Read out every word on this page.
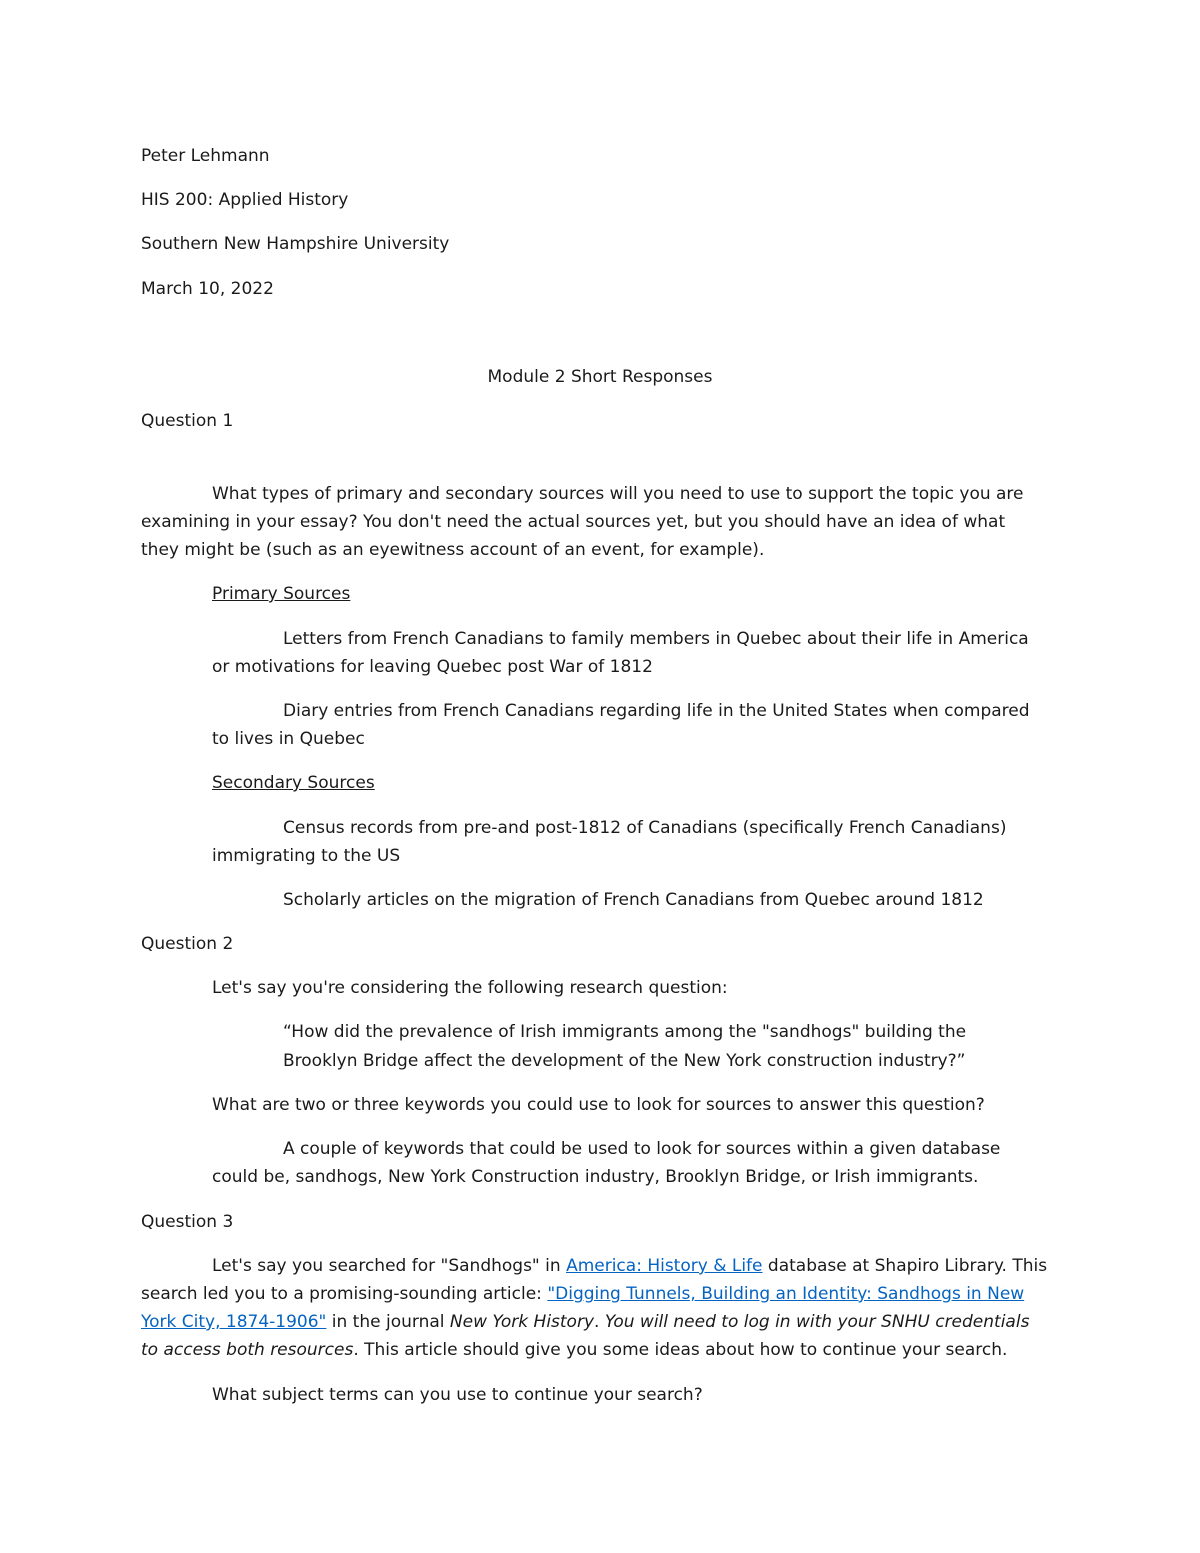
Peter Lehmann
HIS 200: Applied History
Southern New Hampshire University
March 10, 2022
Module 2 Short Responses
Question 1
What types of primary and secondary sources will you need to use to support the topic you are
examining in your essay? You don't need the actual sources yet, but you should have an idea of what
they might be (such as an eyewitness account of an event, for example).
Primary Sources
Letters from French Canadians to family members in Quebec about their life in America
or motivations for leaving Quebec post War of 1812
Diary entries from French Canadians regarding life in the United States when compared
to lives in Quebec
Secondary Sources
Census records from pre-and post-1812 of Canadians (specifically French Canadians)
immigrating to the US
Scholarly articles on the migration of French Canadians from Quebec around 1812
Question 2
Let's say you're considering the following research question:
“How did the prevalence of Irish immigrants among the "sandhogs" building the
Brooklyn Bridge affect the development of the New York construction industry?”
What are two or three keywords you could use to look for sources to answer this question?
A couple of keywords that could be used to look for sources within a given database
could be, sandhogs, New York Construction industry, Brooklyn Bridge, or Irish immigrants.
Question 3
Let's say you searched for "Sandhogs" in America: History & Life database at Shapiro Library. This
search led you to a promising-sounding article: "Digging Tunnels, Building an Identity: Sandhogs in New
York City, 1874-1906" in the journal New York History. You will need to log in with your SNHU credentials
to access both resources. This article should give you some ideas about how to continue your search.
What subject terms can you use to continue your search?
